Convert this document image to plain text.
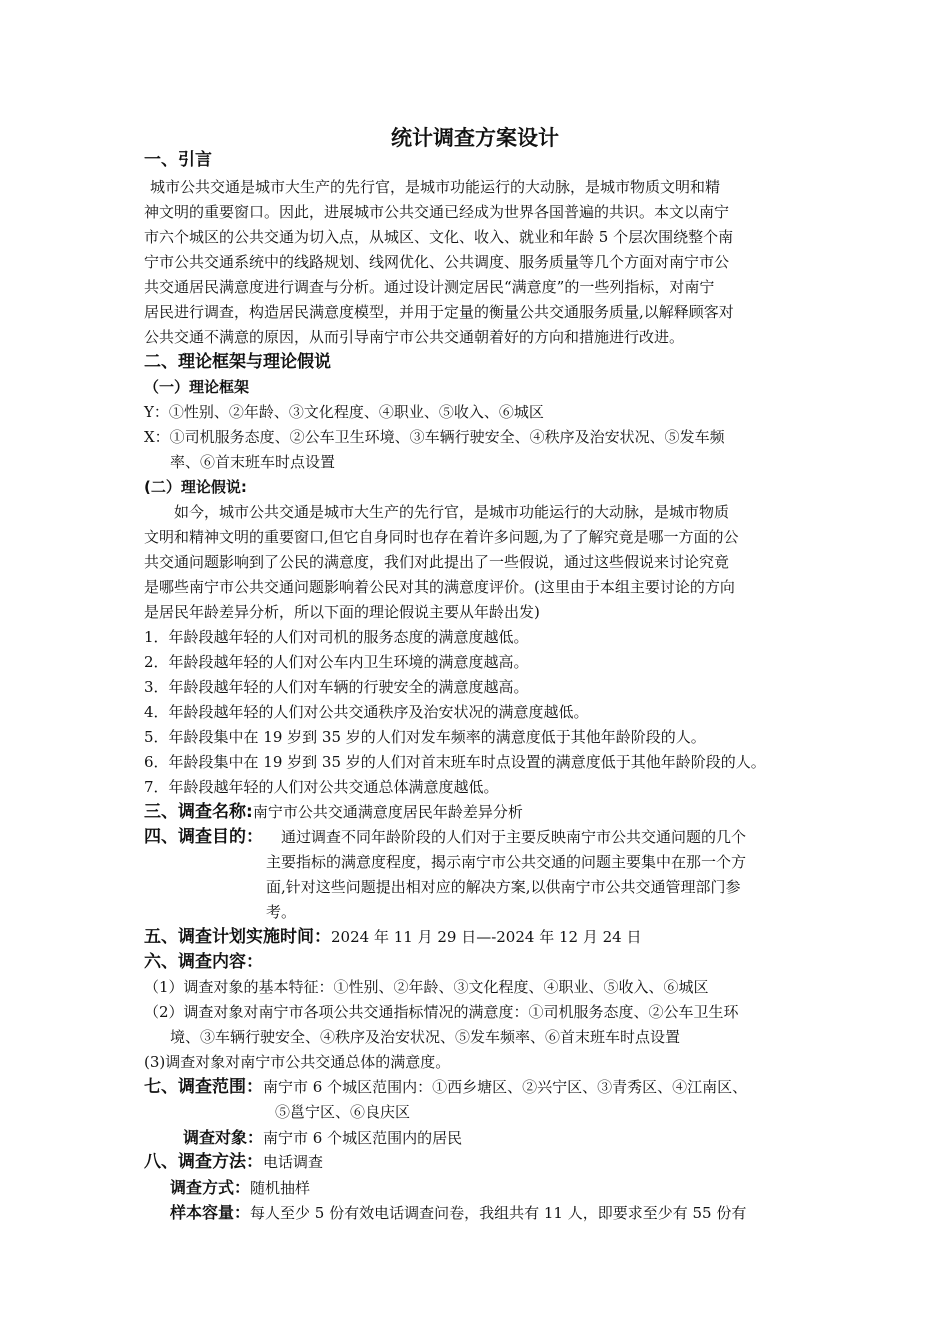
统计调查方案设计
一、引言
城市公共交通是城市大生产的先行官，是城市功能运行的大动脉，是城市物质文明和精
神文明的重要窗口。因此，进展城市公共交通已经成为世界各国普遍的共识。本文以南宁
市六个城区的公共交通为切入点，从城区、文化、收入、就业和年龄 5 个层次围绕整个南
宁市公共交通系统中的线路规划、线网优化、公共调度、服务质量等几个方面对南宁市公
共交通居民满意度进行调查与分析。通过设计测定居民“满意度”的一些列指标，对南宁
居民进行调查，构造居民满意度模型，并用于定量的衡量公共交通服务质量,以解释顾客对
公共交通不满意的原因，从而引导南宁市公共交通朝着好的方向和措施进行改进。
二、理论框架与理论假说
（一）理论框架
Y：①性别、②年龄、③文化程度、④职业、⑤收入、⑥城区
X：①司机服务态度、②公车卫生环境、③车辆行驶安全、④秩序及治安状况、⑤发车频
率、⑥首末班车时点设置
(二）理论假说:
如今，城市公共交通是城市大生产的先行官，是城市功能运行的大动脉，是城市物质
文明和精神文明的重要窗口,但它自身同时也存在着许多问题,为了了解究竟是哪一方面的公
共交通问题影响到了公民的满意度，我们对此提出了一些假说，通过这些假说来讨论究竟
是哪些南宁市公共交通问题影响着公民对其的满意度评价。(这里由于本组主要讨论的方向
是居民年龄差异分析，所以下面的理论假说主要从年龄出发)
1．年龄段越年轻的人们对司机的服务态度的满意度越低。
2．年龄段越年轻的人们对公车内卫生环境的满意度越高。
3．年龄段越年轻的人们对车辆的行驶安全的满意度越高。
4．年龄段越年轻的人们对公共交通秩序及治安状况的满意度越低。
5．年龄段集中在 19 岁到 35 岁的人们对发车频率的满意度低于其他年龄阶段的人。
6．年龄段集中在 19 岁到 35 岁的人们对首末班车时点设置的满意度低于其他年龄阶段的人。
7．年龄段越年轻的人们对公共交通总体满意度越低。
三、调查名称:南宁市公共交通满意度居民年龄差异分析
四、调查目的：	通过调查不同年龄阶段的人们对于主要反映南宁市公共交通问题的几个
主要指标的满意度程度，揭示南宁市公共交通的问题主要集中在那一个方
面,针对这些问题提出相对应的解决方案,以供南宁市公共交通管理部门参
考。
五、调查计划实施时间：2024 年 11 月 29 日—-2024 年 12 月 24 日
六、调查内容：
（1）调查对象的基本特征：①性别、②年龄、③文化程度、④职业、⑤收入、⑥城区
（2）调查对象对南宁市各项公共交通指标情况的满意度：①司机服务态度、②公车卫生环
境、③车辆行驶安全、④秩序及治安状况、⑤发车频率、⑥首末班车时点设置
(3)调查对象对南宁市公共交通总体的满意度。
七、调查范围：南宁市 6 个城区范围内：①西乡塘区、②兴宁区、③青秀区、④江南区、
⑤邕宁区、⑥良庆区
调查对象：南宁市 6 个城区范围内的居民
八、调查方法：电话调查
调查方式：随机抽样
样本容量：每人至少 5 份有效电话调查问卷，我组共有 11 人，即要求至少有 55 份有
